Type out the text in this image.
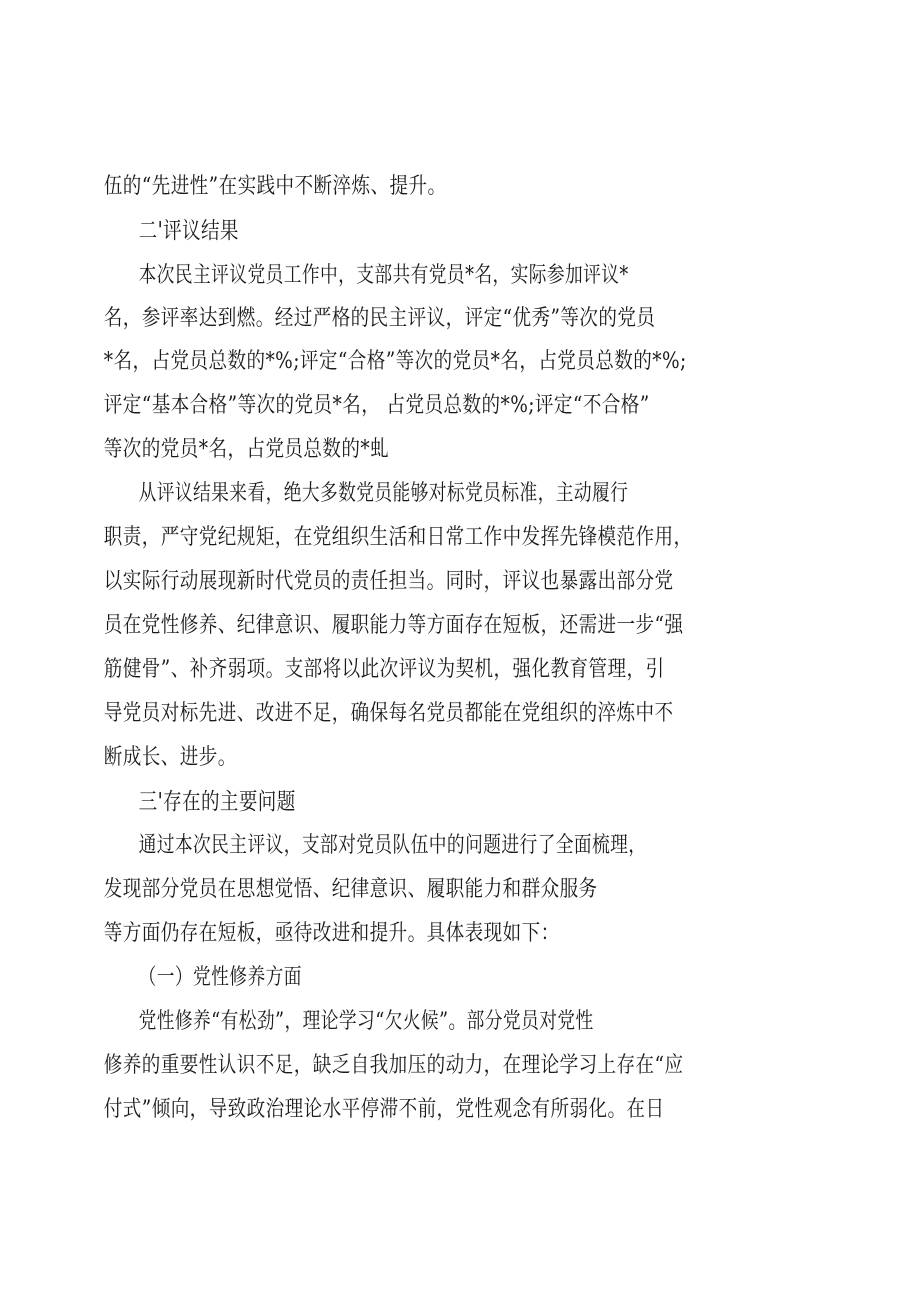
伍的“先进性”在实践中不断淬炼、提升。
二'评议结果
本次民主评议党员工作中，支部共有党员*名，实际参加评议*
名，参评率达到燃。经过严格的民主评议，评定“优秀”等次的党员
*名，占党员总数的*%;评定“合格”等次的党员*名，占党员总数的*%;
评定“基本合格”等次的党员*名， 占党员总数的*%;评定“不合格”
等次的党员*名，占党员总数的*虬
从评议结果来看，绝大多数党员能够对标党员标准，主动履行
职责，严守党纪规矩，在党组织生活和日常工作中发挥先锋模范作用，
以实际行动展现新时代党员的责任担当。同时，评议也暴露出部分党
员在党性修养、纪律意识、履职能力等方面存在短板，还需进一步“强
筋健骨”、补齐弱项。支部将以此次评议为契机，强化教育管理，引
导党员对标先进、改进不足，确保每名党员都能在党组织的淬炼中不
断成长、进步。
三'存在的主要问题
通过本次民主评议，支部对党员队伍中的问题进行了全面梳理，
发现部分党员在思想觉悟、纪律意识、履职能力和群众服务
等方面仍存在短板，亟待改进和提升。具体表现如下：
（一）党性修养方面
党性修养“有松劲”，理论学习“欠火候”。部分党员对党性
修养的重要性认识不足，缺乏自我加压的动力，在理论学习上存在“应
付式”倾向，导致政治理论水平停滞不前，党性观念有所弱化。在日
